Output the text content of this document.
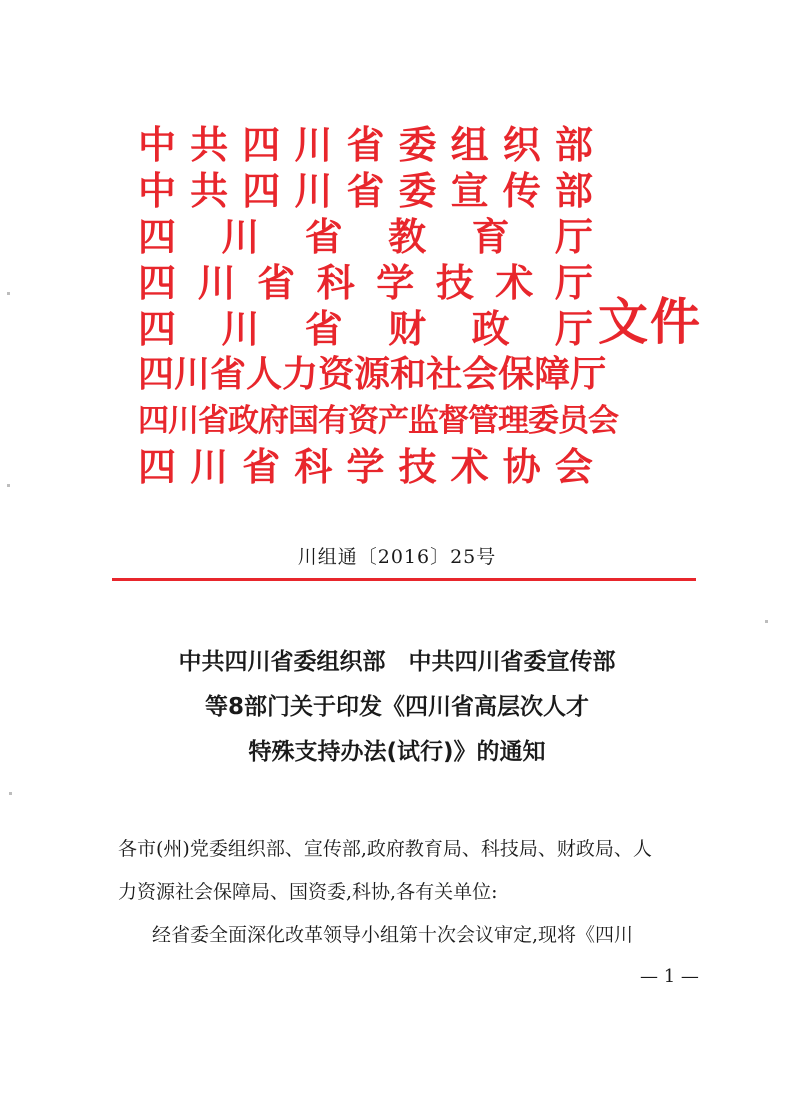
中 共 四 川 省 委 组 织 部
中 共 四 川 省 委 宣 传 部
四 川 省 教 育 厅
四 川 省 科 学 技 术 厅
四 川 省 财 政 厅
四 川 省 人 力 资 源 和 社 会 保 障 厅
四 川 省 政 府 国 有 资 产 监 督 管 理 委 员 会
四 川 省 科 学 技 术 协 会
文件
川组通〔2016〕25号
中共四川省委组织部　中共四川省委宣传部
等8部门关于印发《四川省高层次人才
特殊支持办法(试行)》的通知
各市(州)党委组织部、宣传部,政府教育局、科技局、财政局、人
力资源社会保障局、国资委,科协,各有关单位:
经省委全面深化改革领导小组第十次会议审定,现将《四川
— 1 —
